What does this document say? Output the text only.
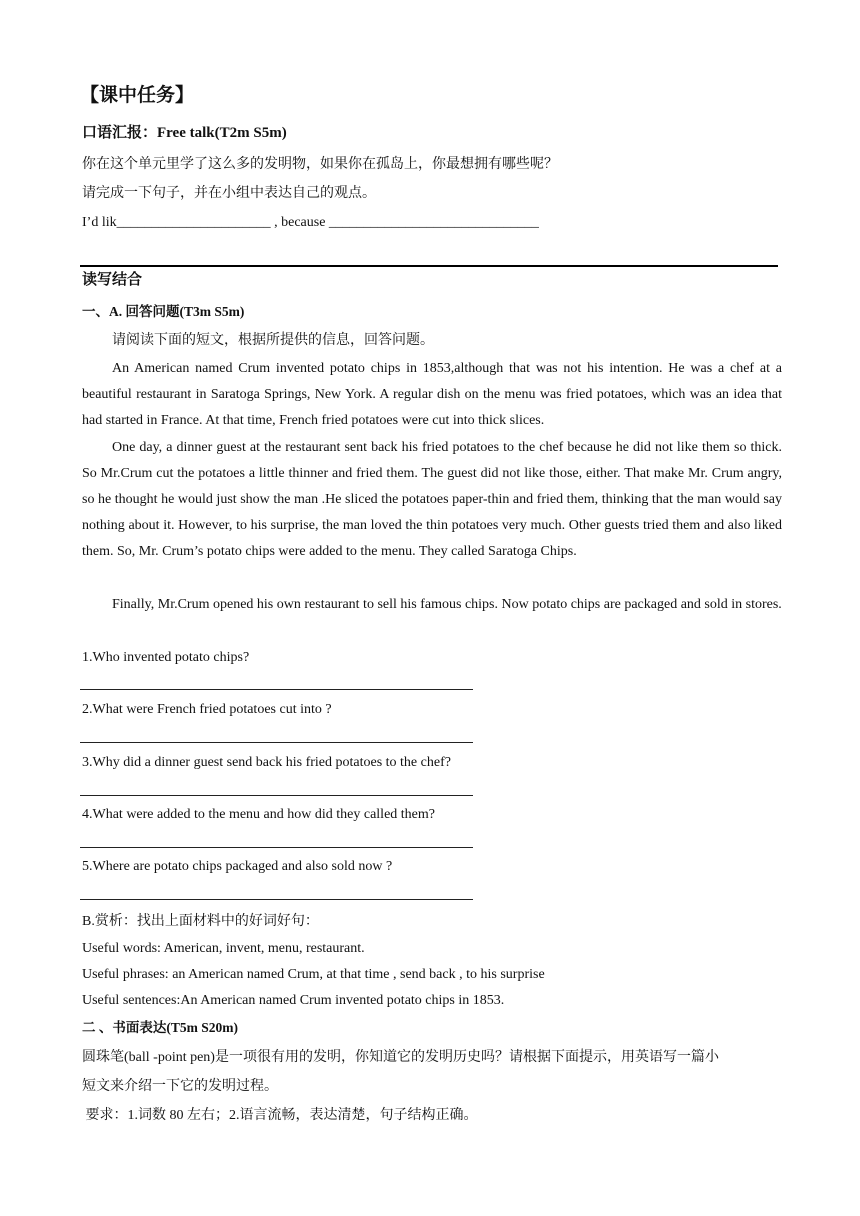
【课中任务】
口语汇报：Free talk(T2m S5m)
你在这个单元里学了这么多的发明物，如果你在孤岛上，你最想拥有哪些呢？
请完成一下句子，并在小组中表达自己的观点。
I’d lik______________________ , because ______________________________
读写结合
一、A. 回答问题(T3m S5m)
请阅读下面的短文，根据所提供的信息，回答问题。
An American named Crum invented potato chips in 1853,although that was not his intention. He was a chef at a beautiful restaurant in Saratoga Springs, New York. A regular dish on the menu was fried potatoes, which was an idea that had started in France. At that time, French fried potatoes were cut into thick slices.
One day, a dinner guest at the restaurant sent back his fried potatoes to the chef because he did not like them so thick. So Mr.Crum cut the potatoes a little thinner and fried them. The guest did not like those, either. That make Mr. Crum angry, so he thought he would just show the man .He sliced the potatoes paper-thin and fried them, thinking that the man would say nothing about it. However, to his surprise, the man loved the thin potatoes very much. Other guests tried them and also liked them. So, Mr. Crum’s potato chips were added to the menu. They called Saratoga Chips.
Finally, Mr.Crum opened his own restaurant to sell his famous chips. Now potato chips are packaged and sold in stores.
1.Who invented potato chips?
2.What were French fried potatoes cut into ?
3.Why did a dinner guest send back his fried potatoes to the chef?
4.What were added to the menu and how did they called them?
5.Where are potato chips packaged and also sold now ?
B.赏析：找出上面材料中的好词好句：
Useful words: American, invent, menu, restaurant.
Useful phrases: an American named Crum, at that time , send back , to his surprise
Useful sentences:An American named Crum invented potato chips in 1853.
二 、书面表达(T5m S20m)
圆珠笔(ball -point pen)是一项很有用的发明，你知道它的发明历史吗？请根据下面提示，用英语写一篇小
短文来介绍一下它的发明过程。
要求：1.词数 80 左右；2.语言流畅，表达清楚，句子结构正确。
